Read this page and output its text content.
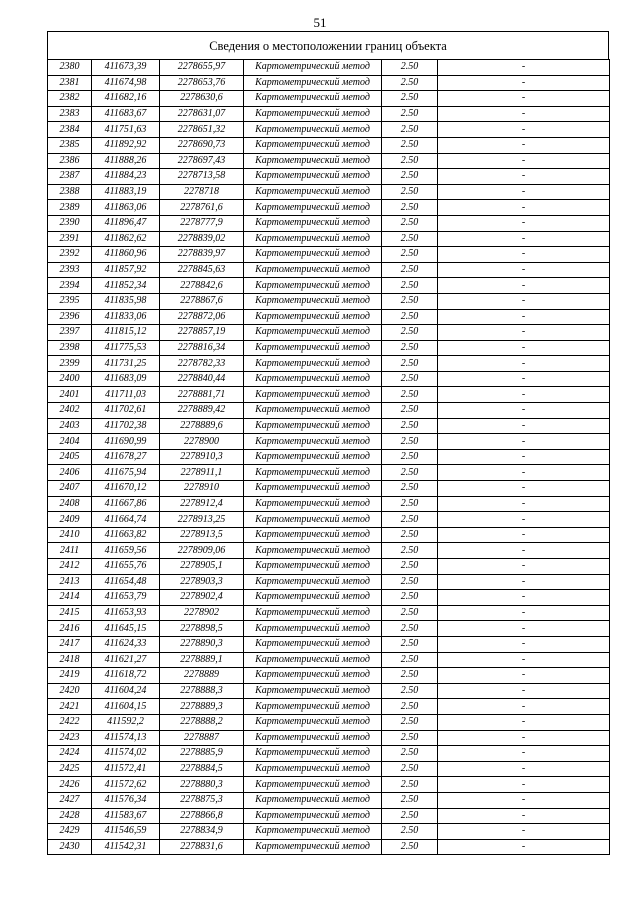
51
Сведения о местоположении границ объекта
2380	411673,39	2278655,97	Картометрический метод	2.50	-
2381	411674,98	2278653,76	Картометрический метод	2.50	-
2382	411682,16	2278630,6	Картометрический метод	2.50	-
2383	411683,67	2278631,07	Картометрический метод	2.50	-
2384	411751,63	2278651,32	Картометрический метод	2.50	-
2385	411892,92	2278690,73	Картометрический метод	2.50	-
2386	411888,26	2278697,43	Картометрический метод	2.50	-
2387	411884,23	2278713,58	Картометрический метод	2.50	-
2388	411883,19	2278718	Картометрический метод	2.50	-
2389	411863,06	2278761,6	Картометрический метод	2.50	-
2390	411896,47	2278777,9	Картометрический метод	2.50	-
2391	411862,62	2278839,02	Картометрический метод	2.50	-
2392	411860,96	2278839,97	Картометрический метод	2.50	-
2393	411857,92	2278845,63	Картометрический метод	2.50	-
2394	411852,34	2278842,6	Картометрический метод	2.50	-
2395	411835,98	2278867,6	Картометрический метод	2.50	-
2396	411833,06	2278872,06	Картометрический метод	2.50	-
2397	411815,12	2278857,19	Картометрический метод	2.50	-
2398	411775,53	2278816,34	Картометрический метод	2.50	-
2399	411731,25	2278782,33	Картометрический метод	2.50	-
2400	411683,09	2278840,44	Картометрический метод	2.50	-
2401	411711,03	2278881,71	Картометрический метод	2.50	-
2402	411702,61	2278889,42	Картометрический метод	2.50	-
2403	411702,38	2278889,6	Картометрический метод	2.50	-
2404	411690,99	2278900	Картометрический метод	2.50	-
2405	411678,27	2278910,3	Картометрический метод	2.50	-
2406	411675,94	2278911,1	Картометрический метод	2.50	-
2407	411670,12	2278910	Картометрический метод	2.50	-
2408	411667,86	2278912,4	Картометрический метод	2.50	-
2409	411664,74	2278913,25	Картометрический метод	2.50	-
2410	411663,82	2278913,5	Картометрический метод	2.50	-
2411	411659,56	2278909,06	Картометрический метод	2.50	-
2412	411655,76	2278905,1	Картометрический метод	2.50	-
2413	411654,48	2278903,3	Картометрический метод	2.50	-
2414	411653,79	2278902,4	Картометрический метод	2.50	-
2415	411653,93	2278902	Картометрический метод	2.50	-
2416	411645,15	2278898,5	Картометрический метод	2.50	-
2417	411624,33	2278890,3	Картометрический метод	2.50	-
2418	411621,27	2278889,1	Картометрический метод	2.50	-
2419	411618,72	2278889	Картометрический метод	2.50	-
2420	411604,24	2278888,3	Картометрический метод	2.50	-
2421	411604,15	2278889,3	Картометрический метод	2.50	-
2422	411592,2	2278888,2	Картометрический метод	2.50	-
2423	411574,13	2278887	Картометрический метод	2.50	-
2424	411574,02	2278885,9	Картометрический метод	2.50	-
2425	411572,41	2278884,5	Картометрический метод	2.50	-
2426	411572,62	2278880,3	Картометрический метод	2.50	-
2427	411576,34	2278875,3	Картометрический метод	2.50	-
2428	411583,67	2278866,8	Картометрический метод	2.50	-
2429	411546,59	2278834,9	Картометрический метод	2.50	-
2430	411542,31	2278831,6	Картометрический метод	2.50	-
